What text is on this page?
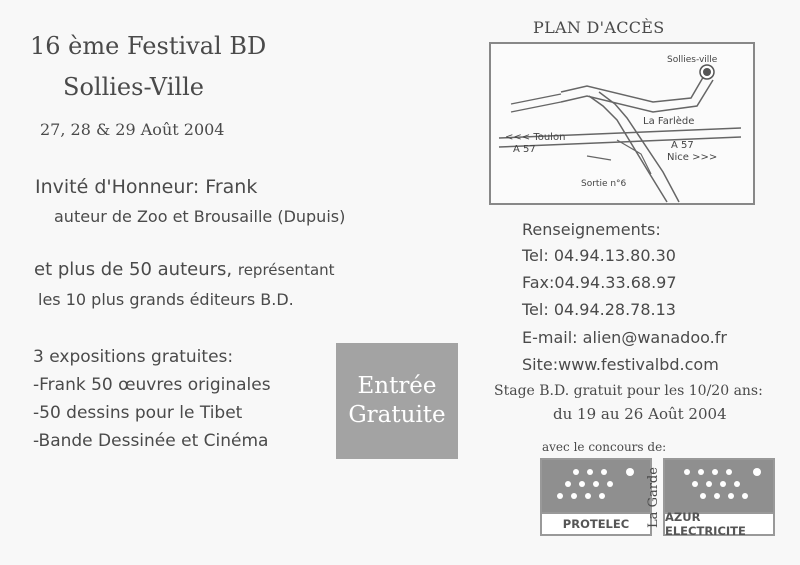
16 ème Festival BD
Sollies-Ville
27, 28 & 29 Août 2004
Invité d'Honneur: Frank
auteur de Zoo et Brousaille (Dupuis)
et plus de 50 auteurs, représentant
les 10 plus grands éditeurs B.D.
3 expositions gratuites:
-Frank 50 œuvres originales
-50 dessins pour le Tibet
-Bande Dessinée et Cinéma
Entrée
Gratuite
PLAN D'ACCÈS
Sollies-ville
La Farlède
<<< Toulon
A 57	A 57
Nice >>>
Sortie n°6
Renseignements:
Tel: 04.94.13.80.30
Fax:04.94.33.68.97
Tel: 04.94.28.78.13
E-mail: alien@wanadoo.fr
Site:www.festivalbd.com
Stage B.D. gratuit pour les 10/20 ans:
du 19 au 26 Août 2004
avec le concours de:
PROTELEC	La Garde AZUR ELECTRICITE
